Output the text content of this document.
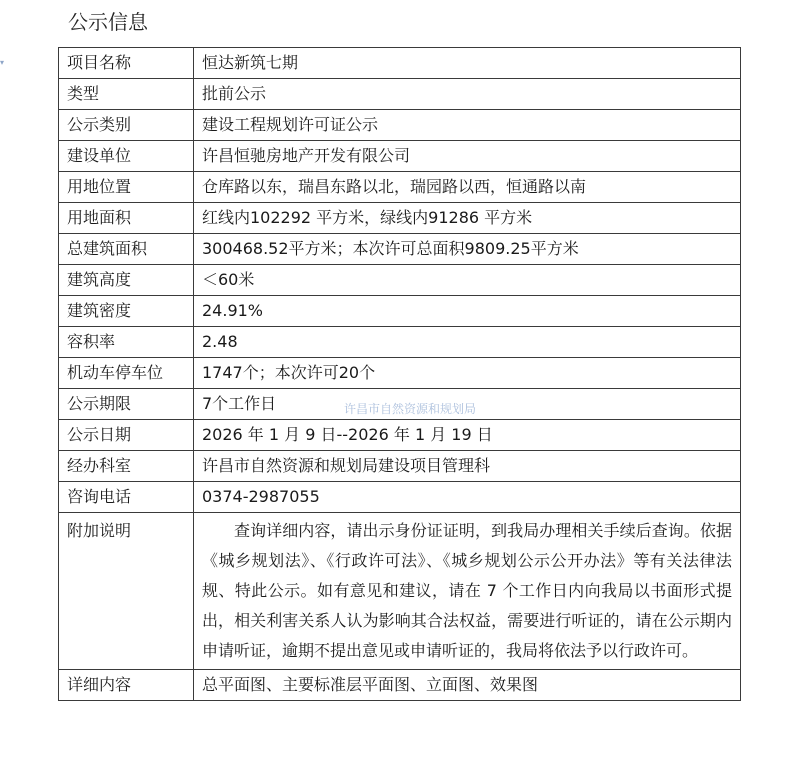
公示信息
▾	项目名称	恒达新筑七期
类型	批前公示
公示类别	建设工程规划许可证公示
建设单位	许昌恒驰房地产开发有限公司
用地位置	仓库路以东，瑞昌东路以北，瑞园路以西，恒通路以南
用地面积	红线内102292 平方米，绿线内91286 平方米
总建筑面积	300468.52平方米；本次许可总面积9809.25平方米
建筑高度	＜60米
建筑密度	24.91%
容积率	2.48
机动车停车位	1747个；本次许可20个
公示期限	7个工作日
公示日期	2026 年 1 月 9 日--2026 年 1 月 19 日
经办科室	许昌市自然资源和规划局建设项目管理科
咨询电话	0374-2987055
附加说明	查询详细内容，请出示身份证证明，到我局办理相关手续后查询。依据《城乡规划法》、《行政许可法》、《城乡规划公示公开办法》等有关法律法规、特此公示。如有意见和建议，请在 7 个工作日内向我局以书面形式提出，相关利害关系人认为影响其合法权益，需要进行听证的，请在公示期内申请听证，逾期不提出意见或申请听证的，我局将依法予以行政许可。
详细内容	总平面图、主要标准层平面图、立面图、效果图
许昌市自然资源和规划局
